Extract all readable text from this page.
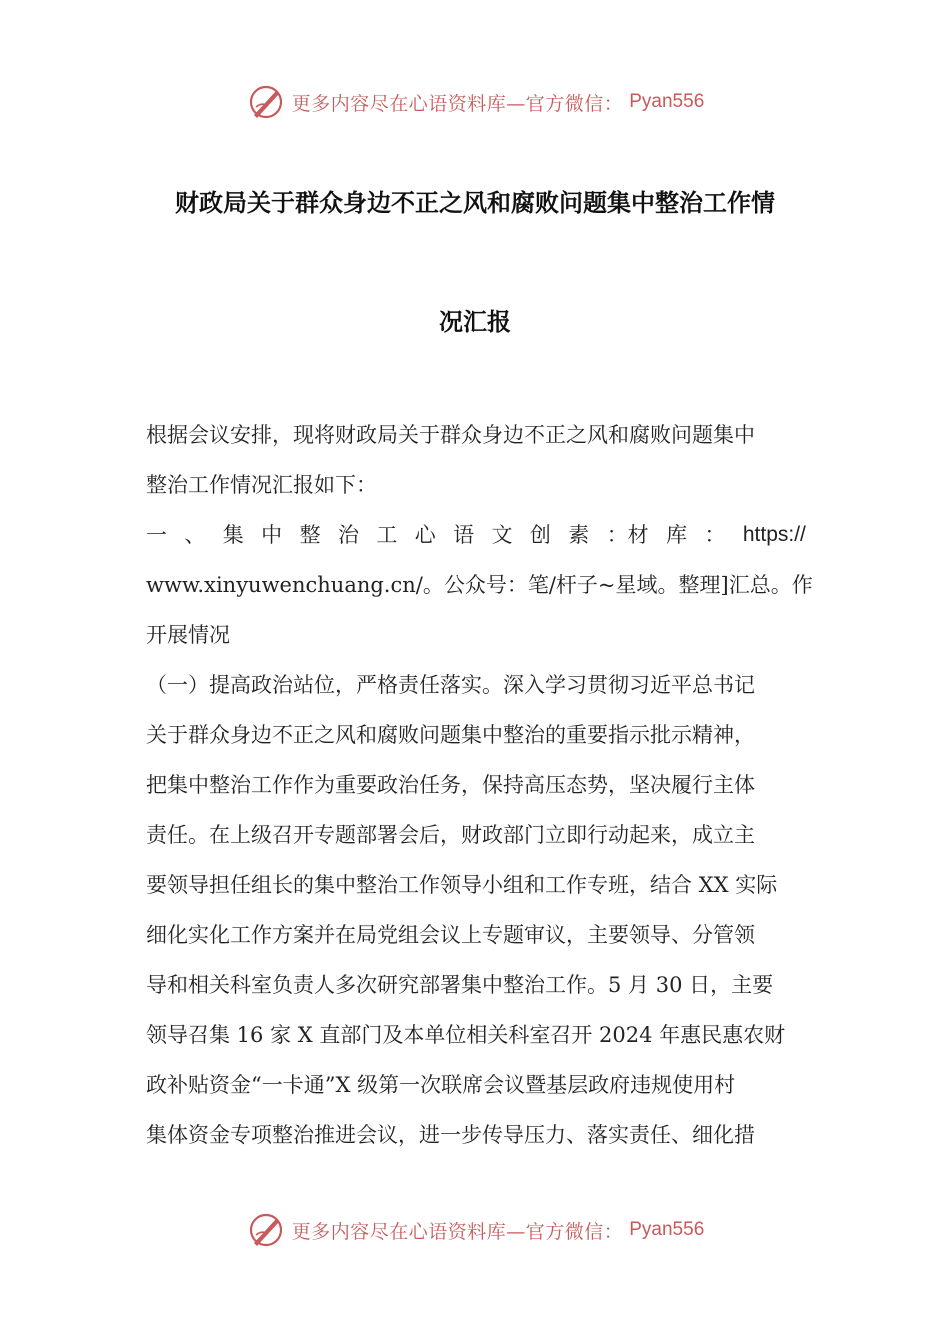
更多内容尽在心语资料库—官方微信： Pyan556
财政局关于群众身边不正之风和腐败问题集中整治工作情
况汇报
根据会议安排，现将财政局关于群众身边不正之风和腐败问题集中
整治工作情况汇报如下：
一 、 集 中 整 治 工 心 语 文 创 素 ：材 库 ： https://
www.xinyuwenchuang.cn/。公众号：笔/杆子~星域。整理]汇总。作
开展情况
（一）提高政治站位，严格责任落实。深入学习贯彻习近平总书记
关于群众身边不正之风和腐败问题集中整治的重要指示批示精神，
把集中整治工作作为重要政治任务，保持高压态势，坚决履行主体
责任。在上级召开专题部署会后，财政部门立即行动起来，成立主
要领导担任组长的集中整治工作领导小组和工作专班，结合 XX 实际
细化实化工作方案并在局党组会议上专题审议，主要领导、分管领
导和相关科室负责人多次研究部署集中整治工作。5 月 30 日，主要
领导召集 16 家 X 直部门及本单位相关科室召开 2024 年惠民惠农财
政补贴资金“一卡通”X 级第一次联席会议暨基层政府违规使用村
集体资金专项整治推进会议，进一步传导压力、落实责任、细化措
更多内容尽在心语资料库—官方微信： Pyan556
